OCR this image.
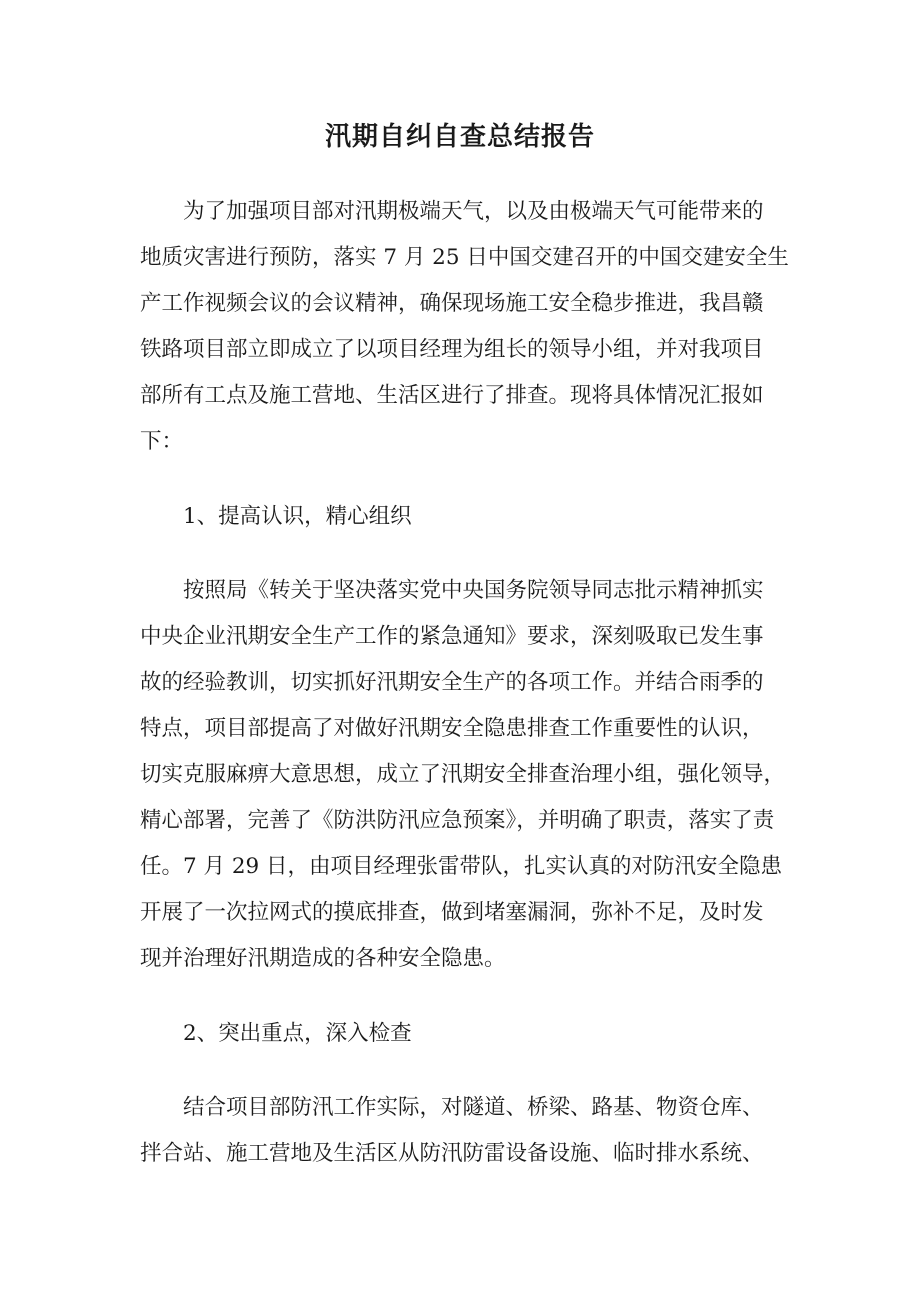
汛期自纠自查总结报告
为了加强项目部对汛期极端天气，以及由极端天气可能带来的
地质灾害进行预防，落实 7 月 25 日中国交建召开的中国交建安全生
产工作视频会议的会议精神，确保现场施工安全稳步推进，我昌赣
铁路项目部立即成立了以项目经理为组长的领导小组，并对我项目
部所有工点及施工营地、生活区进行了排查。现将具体情况汇报如
下：
1、提高认识，精心组织
按照局《转关于坚决落实党中央国务院领导同志批示精神抓实
中央企业汛期安全生产工作的紧急通知》要求，深刻吸取已发生事
故的经验教训，切实抓好汛期安全生产的各项工作。并结合雨季的
特点，项目部提高了对做好汛期安全隐患排查工作重要性的认识，
切实克服麻痹大意思想，成立了汛期安全排查治理小组，强化领导，
精心部署，完善了《防洪防汛应急预案》，并明确了职责，落实了责
任。7 月 29 日，由项目经理张雷带队，扎实认真的对防汛安全隐患
开展了一次拉网式的摸底排查，做到堵塞漏洞，弥补不足，及时发
现并治理好汛期造成的各种安全隐患。
2、突出重点，深入检查
结合项目部防汛工作实际，对隧道、桥梁、路基、物资仓库、
拌合站、施工营地及生活区从防汛防雷设备设施、临时排水系统、
